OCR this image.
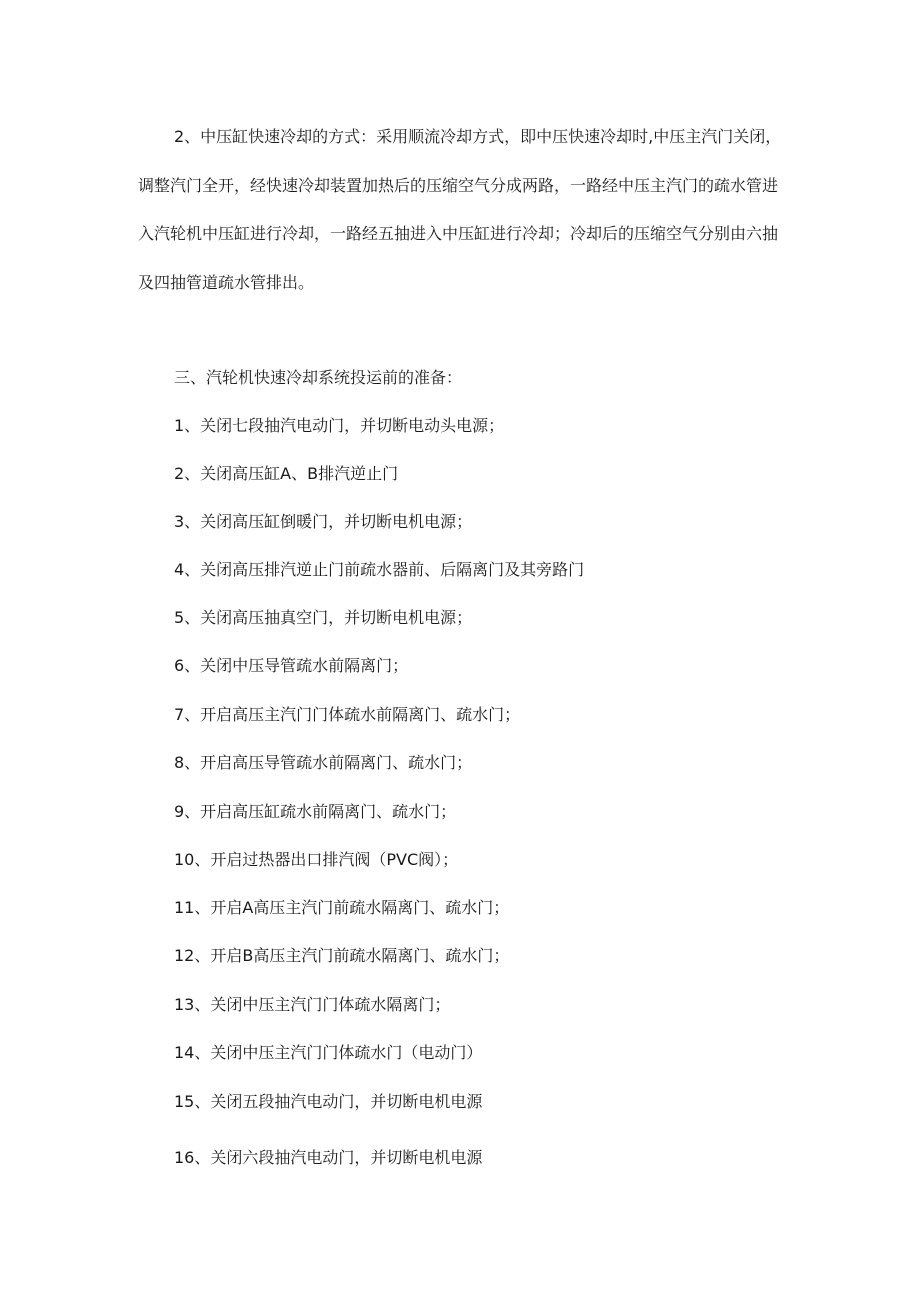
2、中压缸快速冷却的方式：采用顺流冷却方式，即中压快速冷却时,中压主汽门关闭，调整汽门全开，经快速冷却装置加热后的压缩空气分成两路，一路经中压主汽门的疏水管进入汽轮机中压缸进行冷却，一路经五抽进入中压缸进行冷却；冷却后的压缩空气分别由六抽及四抽管道疏水管排出。

三、汽轮机快速冷却系统投运前的准备：

1、关闭七段抽汽电动门，并切断电动头电源；

2、关闭高压缸A、B排汽逆止门

3、关闭高压缸倒暖门，并切断电机电源；

4、关闭高压排汽逆止门前疏水器前、后隔离门及其旁路门

5、关闭高压抽真空门，并切断电机电源；

6、关闭中压导管疏水前隔离门；

7、开启高压主汽门门体疏水前隔离门、疏水门；

8、开启高压导管疏水前隔离门、疏水门；

9、开启高压缸疏水前隔离门、疏水门；

10、开启过热器出口排汽阀（PVC阀）；

11、开启A高压主汽门前疏水隔离门、疏水门；

12、开启B高压主汽门前疏水隔离门、疏水门；

13、关闭中压主汽门门体疏水隔离门；

14、关闭中压主汽门门体疏水门（电动门）

15、关闭五段抽汽电动门，并切断电机电源

16、关闭六段抽汽电动门，并切断电机电源
